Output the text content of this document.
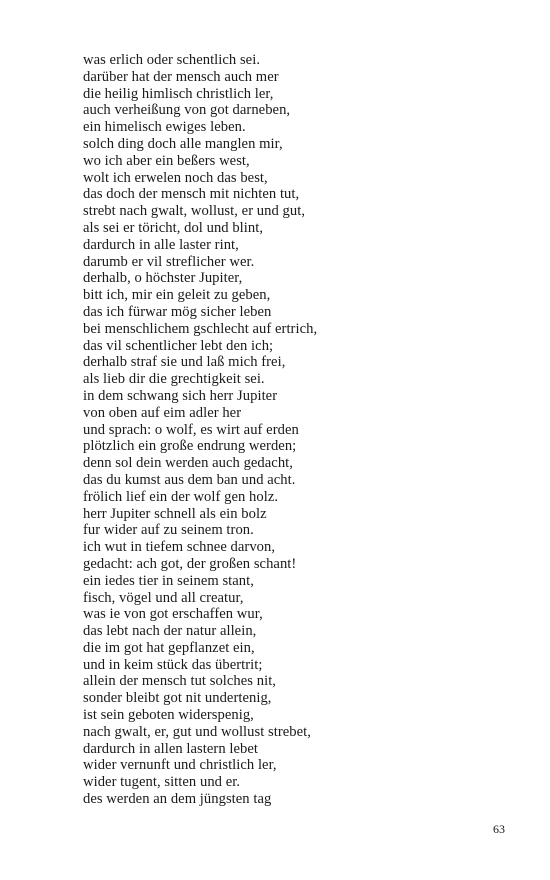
was erlich oder schentlich sei.
darüber hat der mensch auch mer
die heilig himlisch christlich ler,
auch verheißung von got darneben,
ein himelisch ewiges leben.
solch ding doch alle manglen mir,
wo ich aber ein beßers west,
wolt ich erwelen noch das best,
das doch der mensch mit nichten tut,
strebt nach gwalt, wollust, er und gut,
als sei er töricht, dol und blint,
dardurch in alle laster rint,
darumb er vil streflicher wer.
derhalb, o höchster Jupiter,
bitt ich, mir ein geleit zu geben,
das ich fürwar mög sicher leben
bei menschlichem gschlecht auf ertrich,
das vil schentlicher lebt den ich;
derhalb straf sie und laß mich frei,
als lieb dir die grechtigkeit sei.
in dem schwang sich herr Jupiter
von oben auf eim adler her
und sprach: o wolf, es wirt auf erden
plötzlich ein große endrung werden;
denn sol dein werden auch gedacht,
das du kumst aus dem ban und acht.
frölich lief ein der wolf gen holz.
herr Jupiter schnell als ein bolz
fur wider auf zu seinem tron.
ich wut in tiefem schnee darvon,
gedacht: ach got, der großen schant!
ein iedes tier in seinem stant,
fisch, vögel und all creatur,
was ie von got erschaffen wur,
das lebt nach der natur allein,
die im got hat gepflanzet ein,
und in keim stück das übertrit;
allein der mensch tut solches nit,
sonder bleibt got nit undertenig,
ist sein geboten widerspenig,
nach gwalt, er, gut und wollust strebet,
dardurch in allen lastern lebet
wider vernunft und christlich ler,
wider tugent, sitten und er.
des werden an dem jüngsten tag
63
